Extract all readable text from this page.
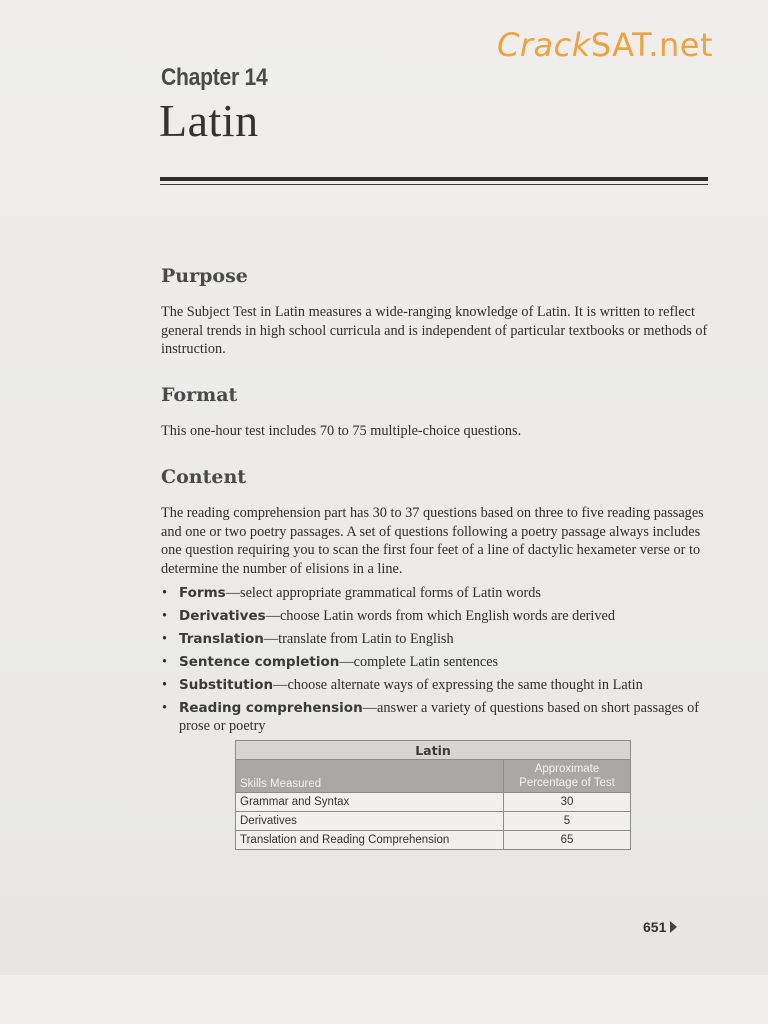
CrackSAT.net
Chapter 14
Latin
Purpose

The Subject Test in Latin measures a wide-ranging knowledge of Latin. It is written to reflect general trends in high school curricula and is independent of particular textbooks or methods of instruction.

Format

This one-hour test includes 70 to 75 multiple-choice questions.

Content

The reading comprehension part has 30 to 37 questions based on three to five reading passages and one or two poetry passages. A set of questions following a poetry passage always includes one question requiring you to scan the first four feet of a line of dactylic hexameter verse or to determine the number of elisions in a line.

• Forms—select appropriate grammatical forms of Latin words
• Derivatives—choose Latin words from which English words are derived
• Translation—translate from Latin to English
• Sentence completion—complete Latin sentences
• Substitution—choose alternate ways of expressing the same thought in Latin
• Reading comprehension—answer a variety of questions based on short passages of prose or poetry
Latin	
Skills Measured	Approximate Percentage of Test
Grammar and Syntax	30
Derivatives	5
Translation and Reading Comprehension	65
651
